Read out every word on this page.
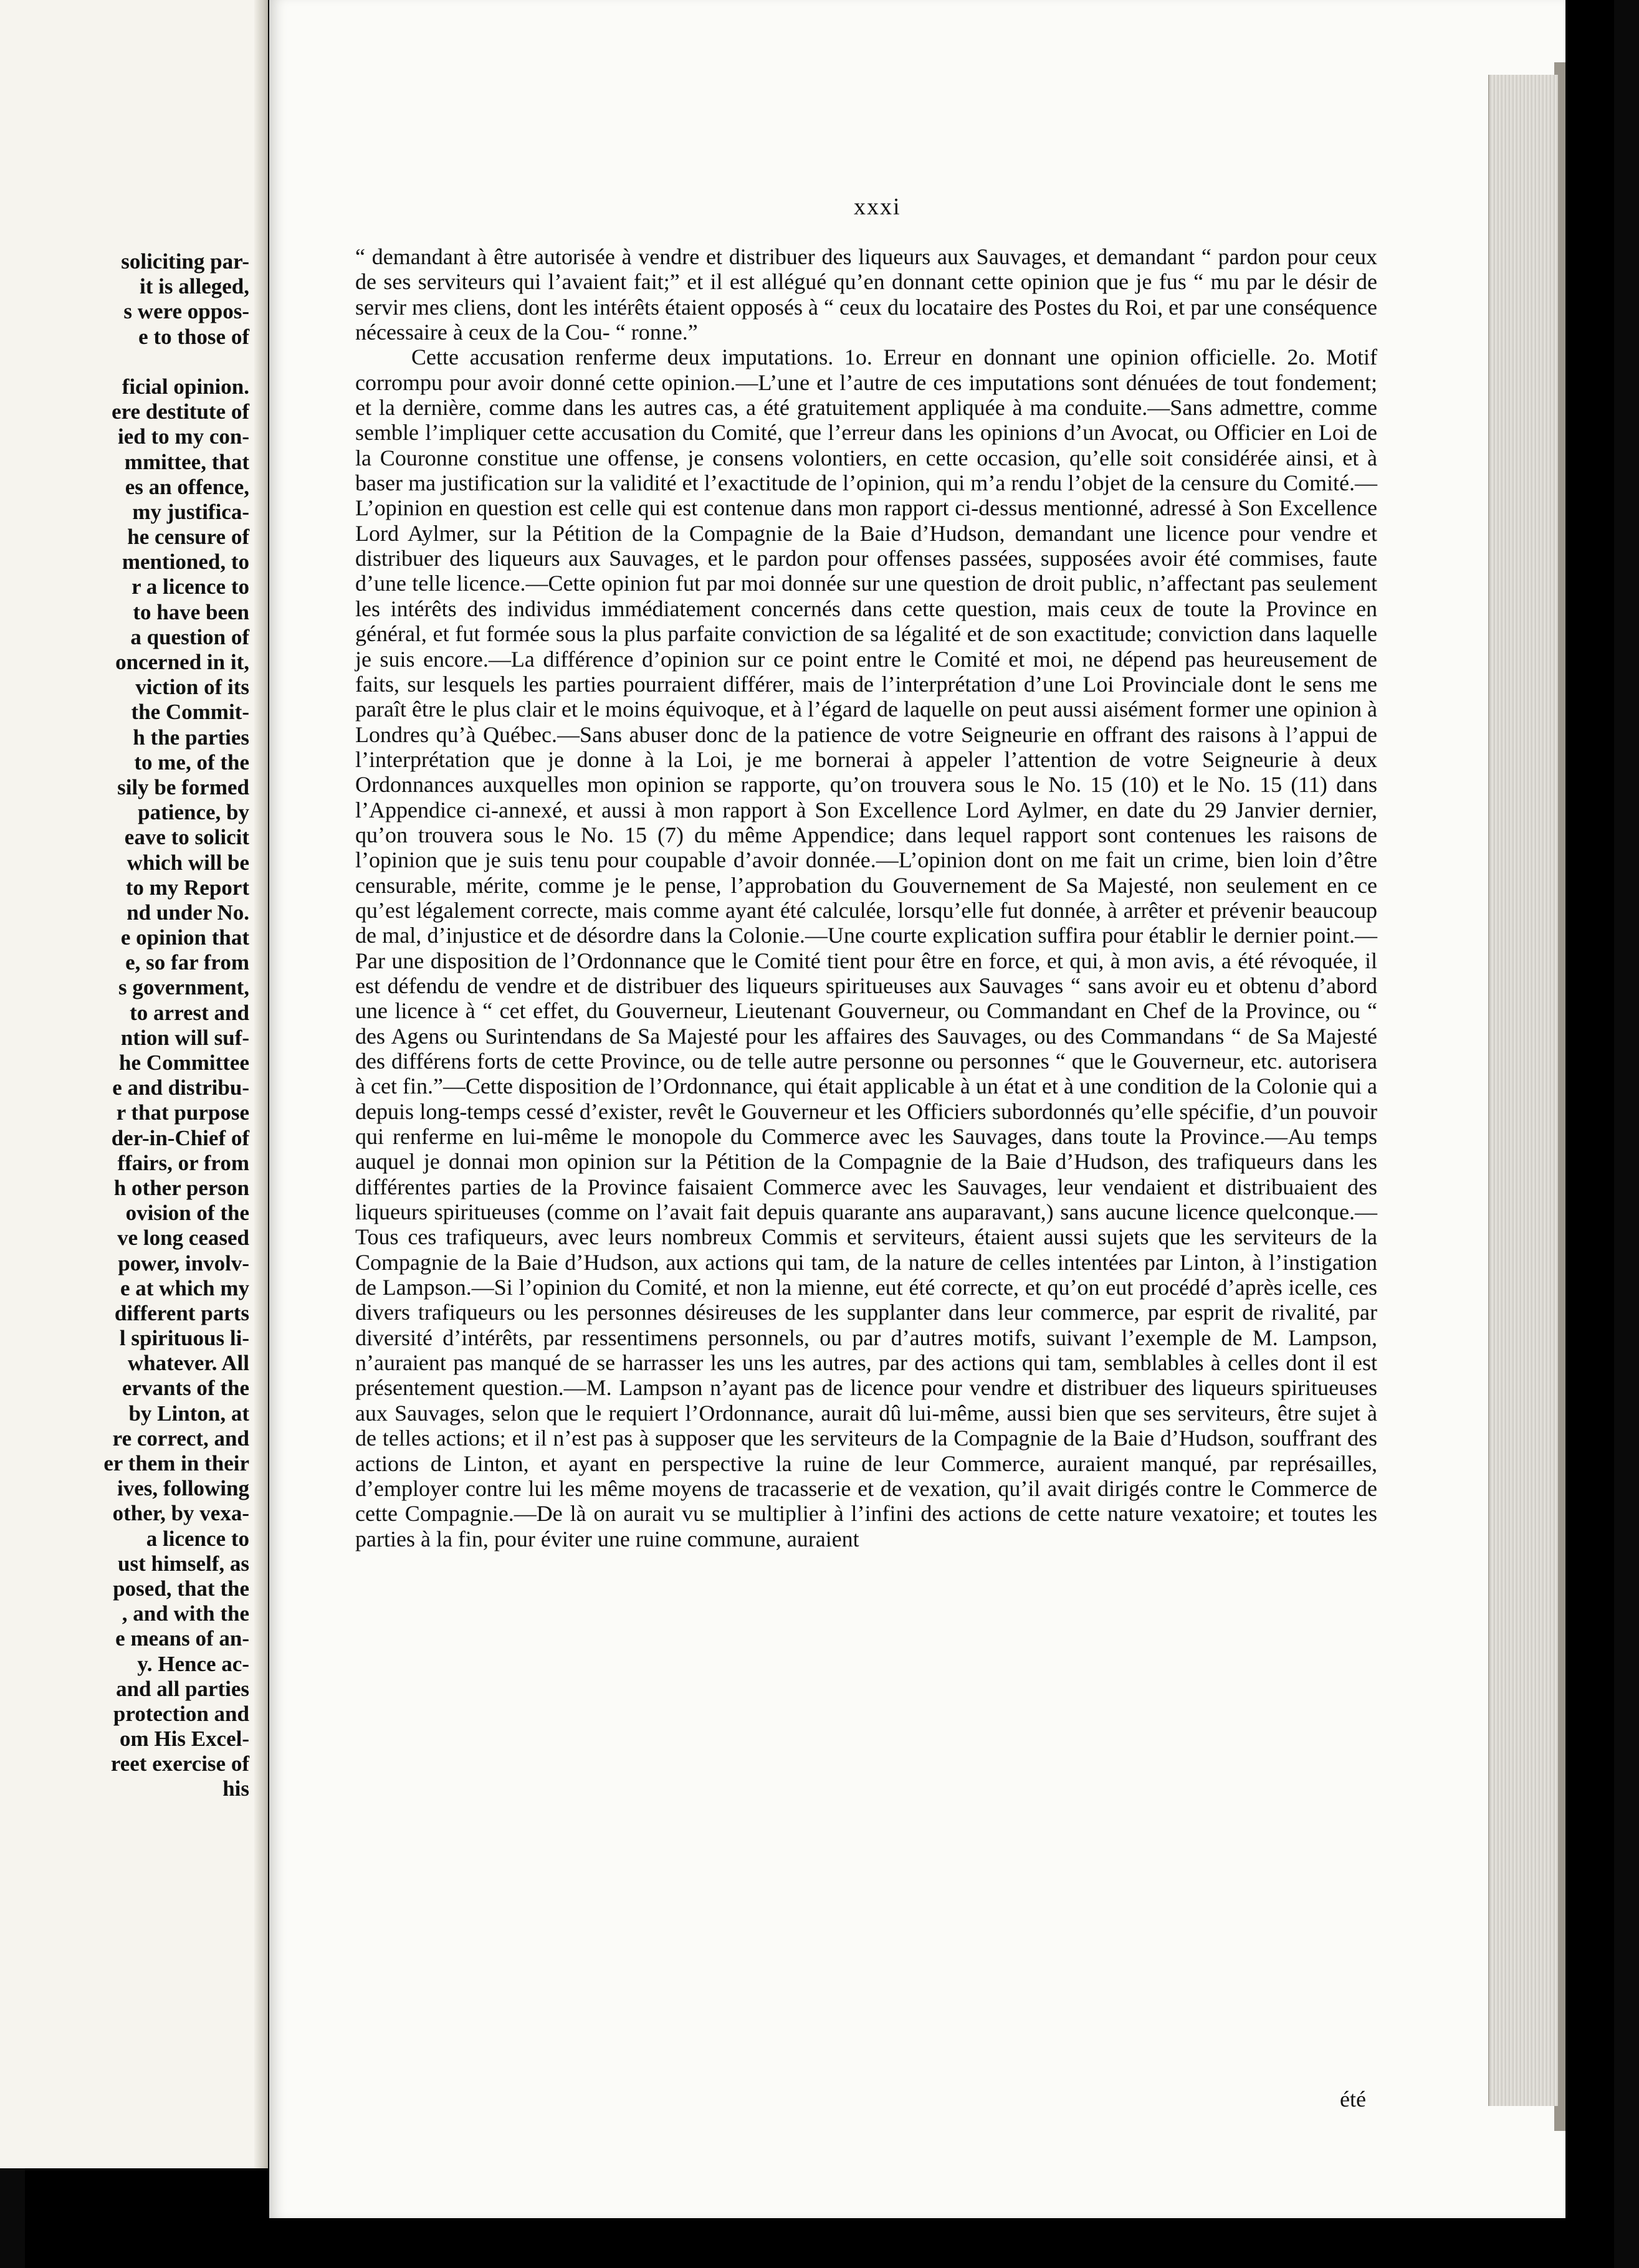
soliciting par-
it is alleged,
s were oppos-
e to those of
ficial opinion.
ere destitute of
ied to my con-
mmittee, that
es an offence,
my justifica-
he censure of
mentioned, to
r a licence to
to have been
a question of
oncerned in it,
viction of its
the Commit-
h the parties
to me, of the
sily be formed
patience, by
eave to solicit
which will be
to my Report
nd under No.
e opinion that
e, so far from
s government,
to arrest and
ntion will suf-
he Committee
e and distribu-
r that purpose
der-in-Chief of
ffairs, or from
h other person
ovision of the
ve long ceased
power, involv-
e at which my
different parts
l spirituous li-
whatever. All
ervants of the
by Linton, at
re correct, and
er them in their
ives, following
other, by vexa-
a licence to
ust himself, as
posed, that the
, and with the
e means of an-
y. Hence ac-
and all parties
protection and
om His Excel-
reet exercise of
his
xxxi

“ demandant à être autorisée à vendre et distribuer des liqueurs aux Sauvages, et demandant “ pardon pour ceux de ses serviteurs qui l’avaient fait;” et il est allégué qu’en donnant cette opinion que je fus “ mu par le désir de servir mes cliens, dont les intérêts étaient opposés à “ ceux du locataire des Postes du Roi, et par une conséquence nécessaire à ceux de la Cou- “ ronne.”

Cette accusation renferme deux imputations. 1o. Erreur en donnant une opinion officielle. 2o. Motif corrompu pour avoir donné cette opinion.—L’une et l’autre de ces imputations sont dénuées de tout fondement; et la dernière, comme dans les autres cas, a été gratuitement appliquée à ma conduite.—Sans admettre, comme semble l’impliquer cette accusation du Comité, que l’erreur dans les opinions d’un Avocat, ou Officier en Loi de la Couronne constitue une offense, je consens volontiers, en cette occasion, qu’elle soit considérée ainsi, et à baser ma justification sur la validité et l’exactitude de l’opinion, qui m’a rendu l’objet de la censure du Comité.—L’opinion en question est celle qui est contenue dans mon rapport ci-dessus mentionné, adressé à Son Excellence Lord Aylmer, sur la Pétition de la Compagnie de la Baie d’Hudson, demandant une licence pour vendre et distribuer des liqueurs aux Sauvages, et le pardon pour offenses passées, supposées avoir été commises, faute d’une telle licence.—Cette opinion fut par moi donnée sur une question de droit public, n’affectant pas seulement les intérêts des individus immédiatement concernés dans cette question, mais ceux de toute la Province en général, et fut formée sous la plus parfaite conviction de sa légalité et de son exactitude; conviction dans laquelle je suis encore.—La différence d’opinion sur ce point entre le Comité et moi, ne dépend pas heureusement de faits, sur lesquels les parties pourraient différer, mais de l’interprétation d’une Loi Provinciale dont le sens me paraît être le plus clair et le moins équivoque, et à l’égard de laquelle on peut aussi aisément former une opinion à Londres qu’à Québec.—Sans abuser donc de la patience de votre Seigneurie en offrant des raisons à l’appui de l’interprétation que je donne à la Loi, je me bornerai à appeler l’attention de votre Seigneurie à deux Ordonnances auxquelles mon opinion se rapporte, qu’on trouvera sous le No. 15 (10) et le No. 15 (11) dans l’Appendice ci-annexé, et aussi à mon rapport à Son Excellence Lord Aylmer, en date du 29 Janvier dernier, qu’on trouvera sous le No. 15 (7) du même Appendice; dans lequel rapport sont contenues les raisons de l’opinion que je suis tenu pour coupable d’avoir donnée.—L’opinion dont on me fait un crime, bien loin d’être censurable, mérite, comme je le pense, l’approbation du Gouvernement de Sa Majesté, non seulement en ce qu’est légalement correcte, mais comme ayant été calculée, lorsqu’elle fut donnée, à arrêter et prévenir beaucoup de mal, d’injustice et de désordre dans la Colonie.—Une courte explication suffira pour établir le dernier point.—Par une disposition de l’Ordonnance que le Comité tient pour être en force, et qui, à mon avis, a été révoquée, il est défendu de vendre et de distribuer des liqueurs spiritueuses aux Sauvages “ sans avoir eu et obtenu d’abord une licence à “ cet effet, du Gouverneur, Lieutenant Gouverneur, ou Commandant en Chef de la Province, ou “ des Agens ou Surintendans de Sa Majesté pour les affaires des Sauvages, ou des Commandans “ de Sa Majesté des différens forts de cette Province, ou de telle autre personne ou personnes “ que le Gouverneur, etc. autorisera à cet fin.”—Cette disposition de l’Ordonnance, qui était applicable à un état et à une condition de la Colonie qui a depuis long-temps cessé d’exister, revêt le Gouverneur et les Officiers subordonnés qu’elle spécifie, d’un pouvoir qui renferme en lui-même le monopole du Commerce avec les Sauvages, dans toute la Province.—Au temps auquel je donnai mon opinion sur la Pétition de la Compagnie de la Baie d’Hudson, des trafiqueurs dans les différentes parties de la Province faisaient Commerce avec les Sauvages, leur vendaient et distribuaient des liqueurs spiritueuses (comme on l’avait fait depuis quarante ans auparavant,) sans aucune licence quelconque.—Tous ces trafiqueurs, avec leurs nombreux Commis et serviteurs, étaient aussi sujets que les serviteurs de la Compagnie de la Baie d’Hudson, aux actions qui tam, de la nature de celles intentées par Linton, à l’instigation de Lampson.—Si l’opinion du Comité, et non la mienne, eut été correcte, et qu’on eut procédé d’après icelle, ces divers trafiqueurs ou les personnes désireuses de les supplanter dans leur commerce, par esprit de rivalité, par diversité d’intérêts, par ressentimens personnels, ou par d’autres motifs, suivant l’exemple de M. Lampson, n’auraient pas manqué de se harrasser les uns les autres, par des actions qui tam, semblables à celles dont il est présentement question.—M. Lampson n’ayant pas de licence pour vendre et distribuer des liqueurs spiritueuses aux Sauvages, selon que le requiert l’Ordonnance, aurait dû lui-même, aussi bien que ses serviteurs, être sujet à de telles actions; et il n’est pas à supposer que les serviteurs de la Compagnie de la Baie d’Hudson, souffrant des actions de Linton, et ayant en perspective la ruine de leur Commerce, auraient manqué, par représailles, d’employer contre lui les même moyens de tracasserie et de vexation, qu’il avait dirigés contre le Commerce de cette Compagnie.—De là on aurait vu se multiplier à l’infini des actions de cette nature vexatoire; et toutes les parties à la fin, pour éviter une ruine commune, auraient

été
